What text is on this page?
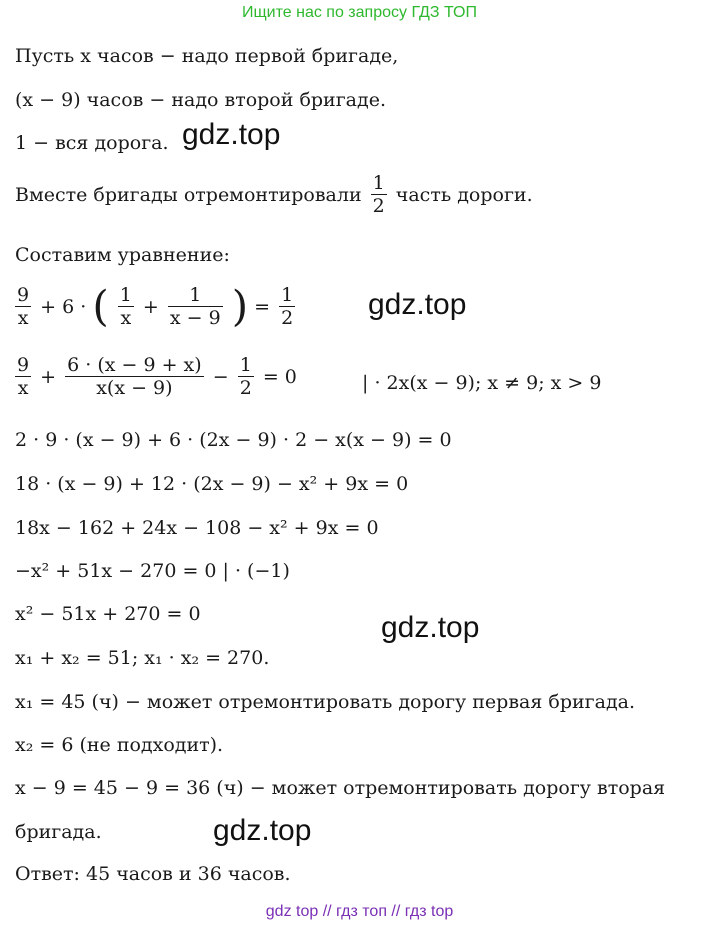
Ищите нас по запросу ГДЗ ТОП
Пусть x часов − надо первой бригаде,
(x − 9) часов − надо второй бригаде.
1 − вся дорога. gdz.top
Вместе бригады отремонтировали $\frac{1}{2}$ часть дороги.
Составим уравнение:
$\frac{9}{x} + 6$ · ( $\frac{1}{x} + \frac{1}{x - 9}$ ) = $\frac{1}{2} gdz.top$
$\frac{9}{x} + \frac{6 \cdot (x - 9 + x)}{x(x - 9)} - \frac{1}{2} = 0$	| · 2x(x − 9); x ≠ 9; x > 9
2 · 9 · (x − 9) + 6 · (2x − 9) · 2 − x(x − 9) = 0
18 · (x − 9) + 12 · (2x − 9) − x² + 9x = 0
18x − 162 + 24x − 108 − x² + 9x = 0
−x² + 51x − 270 = 0 | · (−1)
x² − 51x + 270 = 0	gdz.top
x₁ + x₂ = 51; x₁ · x₂ = 270.
x₁ = 45 (ч) − может отремонтировать дорогу первая бригада.
x₂ = 6 (не подходит).
x − 9 = 45 − 9 = 36 (ч) − может отремонтировать дорогу вторая
бригада.	gdz.top
Ответ: 45 часов и 36 часов.
gdz top // гдз топ // гдз top
